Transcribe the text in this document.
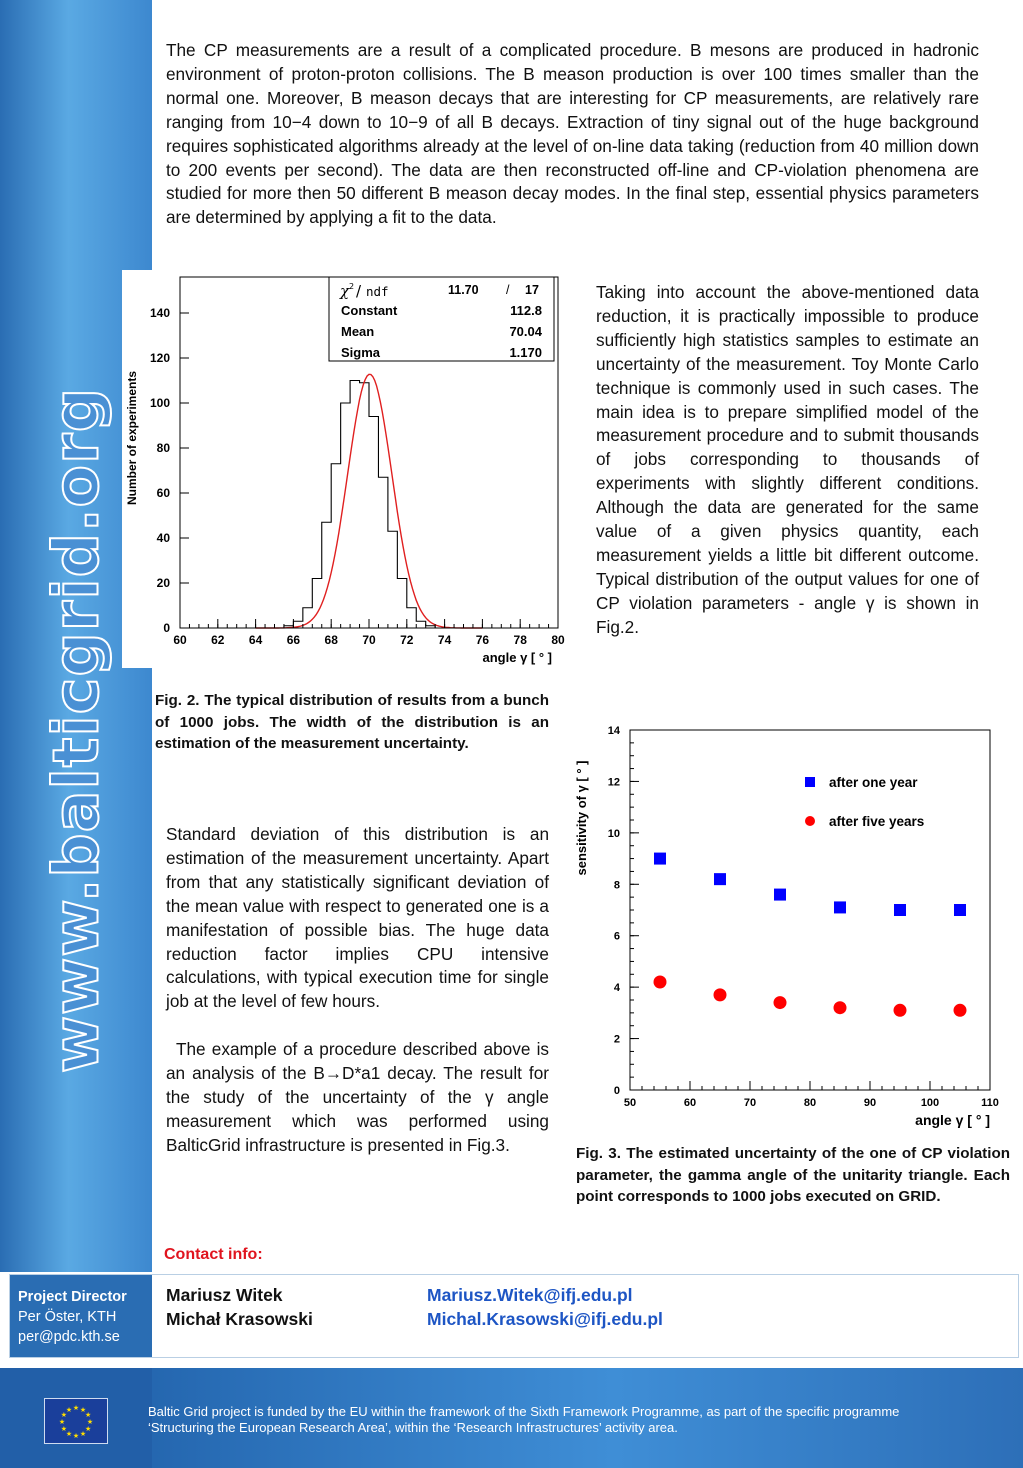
www.balticgrid.org
The CP measurements are a result of a complicated procedure. B mesons are produced in hadronic environment of proton-proton collisions. The B meason production is over 100 times smaller than the normal one. Moreover, B meason decays that are interesting for CP measurements, are relatively rare ranging from 10−4 down to 10−9 of all B decays. Extraction of tiny signal out of the huge background requires sophisticated algorithms already at the level of on-line data taking (reduction from 40 million down to 200 events per second). The data are then reconstructed off-line and CP-violation phenomena are studied for more then 50 different B meason decay modes. In the final step, essential physics parameters are determined by applying a fit to the data.
60 62 64 66 68 70 72 74 76 78 80
0
20
40
60
80
100
120
140
χ 2 / ndf	11.70 / 17
Constant	112.8
Mean	70.04
Sigma	1.170
Number of experiments
angle γ [ ° ]
Taking into account the above-mentioned data reduction, it is practically impossible to produce sufficiently high statistics samples to estimate an uncertainty of the measurement. Toy Monte Carlo technique is commonly used in such cases. The main idea is to prepare simplified model of the measurement procedure and to submit thousands of jobs corresponding to thousands of experiments with slightly different conditions. Although the data are generated for the same value of a given physics quantity, each measurement yields a little bit different outcome. Typical distribution of the output values for one of CP violation parameters - angle γ is shown in Fig.2.
Fig. 2. The typical distribution of results from a bunch of 1000 jobs. The width of the distribution is an estimation of the measurement uncertainty.
Standard deviation of this distribution is an estimation of the measurement uncertainty. Apart from that any statistically significant deviation of the mean value with respect to generated one is a manifestation of possible bias. The huge data reduction factor implies CPU intensive calculations, with typical execution time for single job at the level of few hours.
The example of a procedure described above is an analysis of the B→D*a1 decay. The result for the study of the uncertainty of the γ angle measurement which was performed using BalticGrid infrastructure is presented in Fig.3.
50	60	70	80	90	100	110
0
2
4
6
8
10
12
14
after one year
after five years
sensitivity of γ [ ° ]
angle γ [ ° ]
Fig. 3. The estimated uncertainty of the one of CP violation parameter, the gamma angle of the unitarity triangle. Each point corresponds to 1000 jobs executed on GRID.
Contact info:
Project Director
Per Öster, KTH
per@pdc.kth.se
Mariusz Witek	Mariusz.Witek@ifj.edu.pl
Michał Krasowski	Michal.Krasowski@ifj.edu.pl
★
★
★
★
★
★
★
★
★ ★ ★
★	Baltic Grid project is funded by the EU within the framework of the Sixth Framework Programme, as part of the specific programme ‘Structuring the European Research Area’, within the ‘Research Infrastructures’ activity area.
